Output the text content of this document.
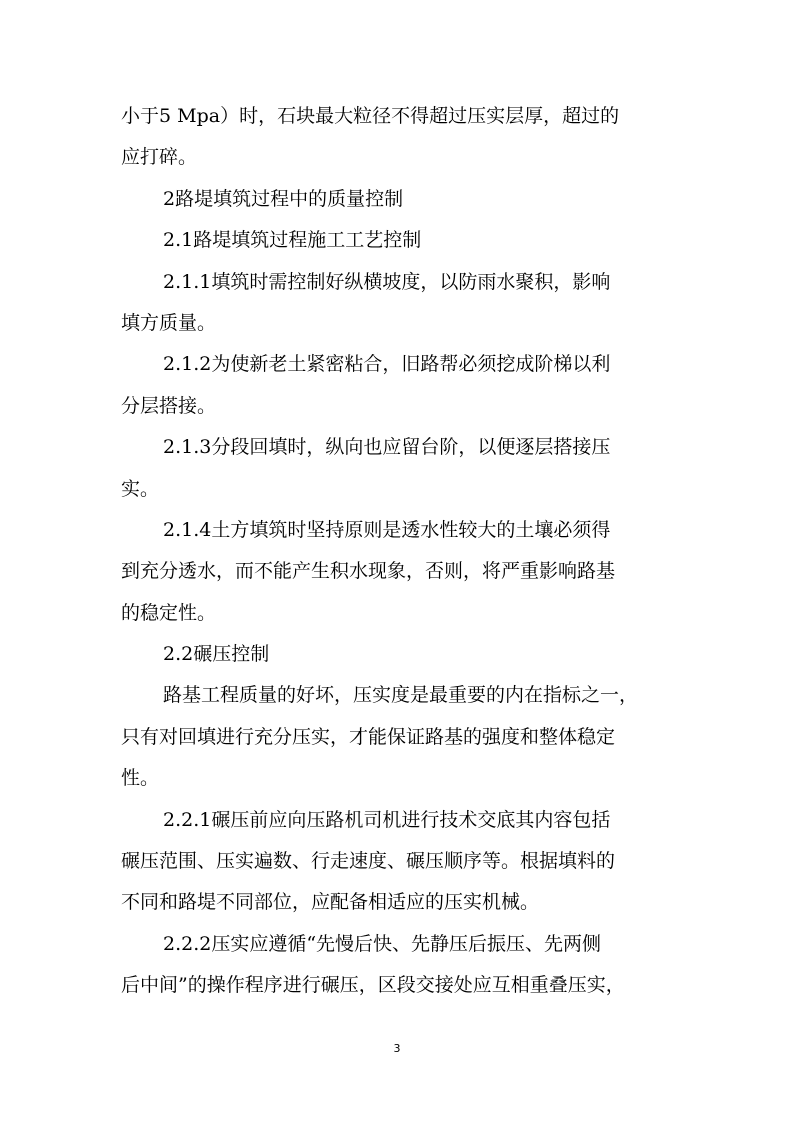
小于5 Mpa）时，石块最大粒径不得超过压实层厚，超过的
应打碎。
2路堤填筑过程中的质量控制
2.1路堤填筑过程施工工艺控制
2.1.1填筑时需控制好纵横坡度，以防雨水聚积，影响
填方质量。
2.1.2为使新老土紧密粘合，旧路帮必须挖成阶梯以利
分层搭接。
2.1.3分段回填时，纵向也应留台阶，以便逐层搭接压
实。
2.1.4土方填筑时坚持原则是透水性较大的土壤必须得
到充分透水，而不能产生积水现象，否则，将严重影响路基
的稳定性。
2.2碾压控制
路基工程质量的好坏，压实度是最重要的内在指标之一，
只有对回填进行充分压实，才能保证路基的强度和整体稳定
性。
2.2.1碾压前应向压路机司机进行技术交底其内容包括
碾压范围、压实遍数、行走速度、碾压顺序等。根据填料的
不同和路堤不同部位，应配备相适应的压实机械。
2.2.2压实应遵循“先慢后快、先静压后振压、先两侧
后中间”的操作程序进行碾压，区段交接处应互相重叠压实，
3
